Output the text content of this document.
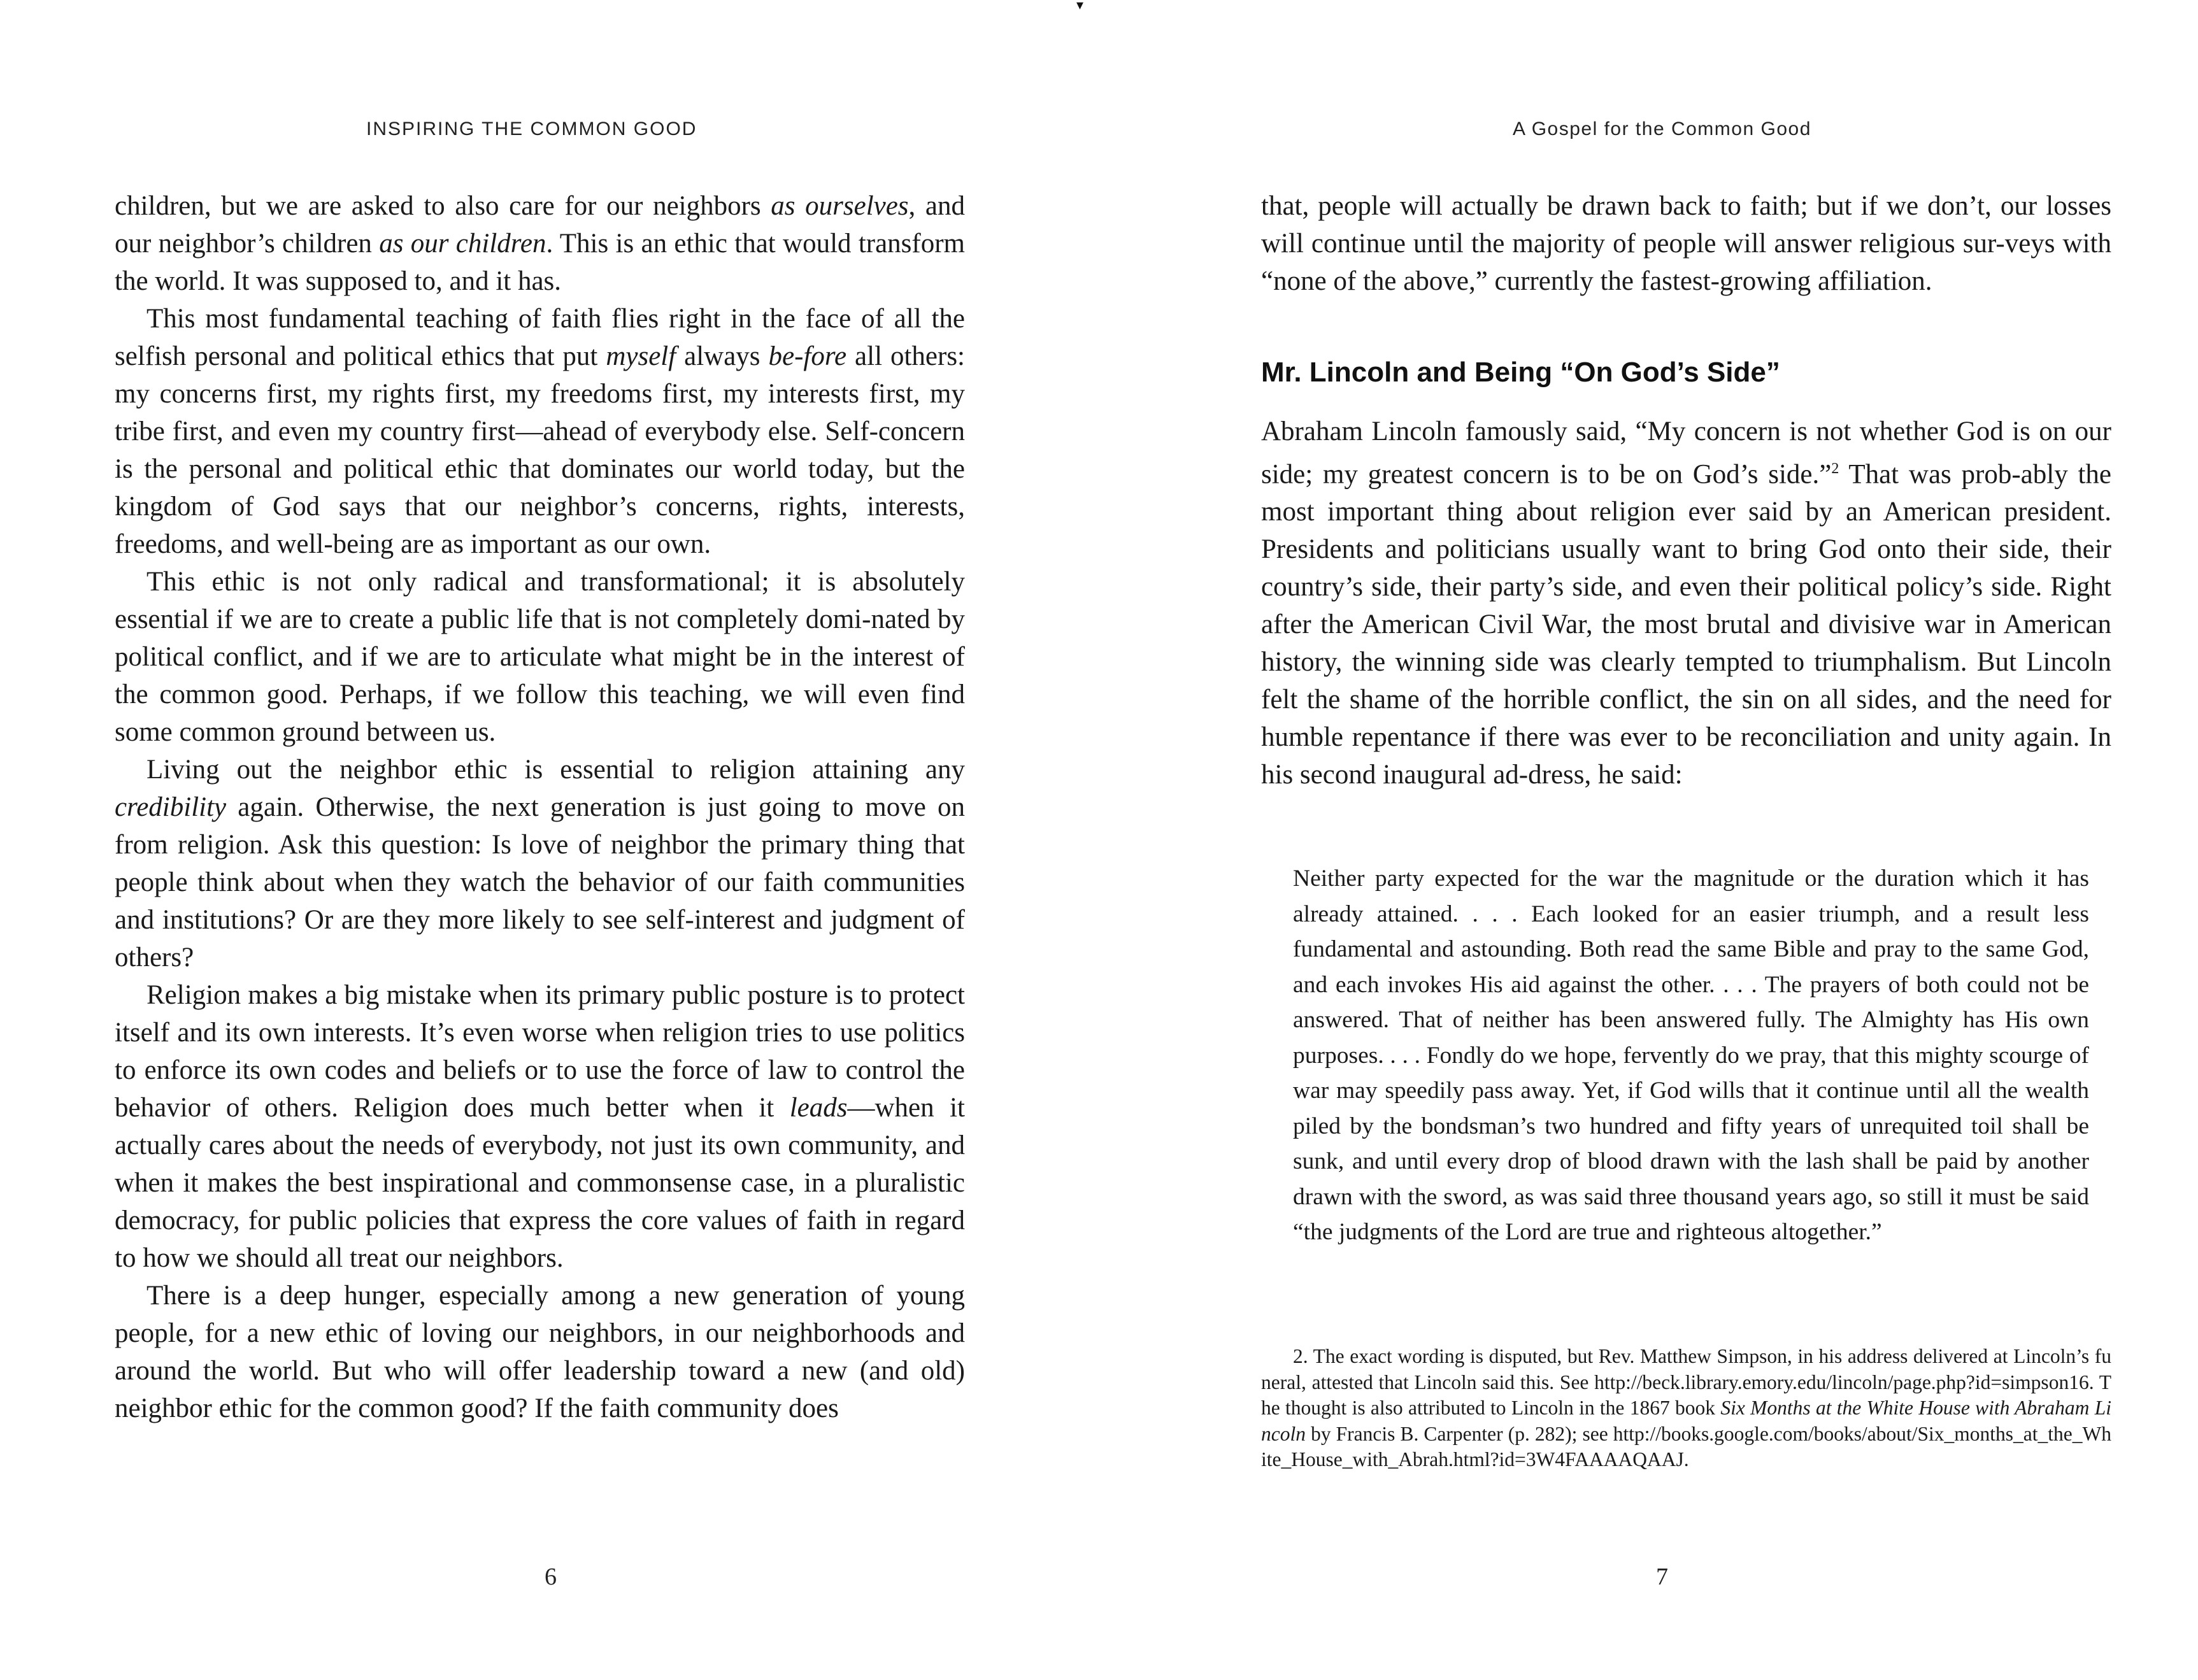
▾
INSPIRING THE COMMON GOOD

children, but we are asked to also care for our neighbors as ourselves, and our neighbor’s children as our children. This is an ethic that would transform the world. It was supposed to, and it has.

This most fundamental teaching of faith flies right in the face of all the selfish personal and political ethics that put myself always be-fore all others: my concerns first, my rights first, my freedoms first, my interests first, my tribe first, and even my country first—ahead of everybody else. Self-concern is the personal and political ethic that dominates our world today, but the kingdom of God says that our neighbor’s concerns, rights, interests, freedoms, and well-being are as important as our own.

This ethic is not only radical and transformational; it is absolutely essential if we are to create a public life that is not completely domi-nated by political conflict, and if we are to articulate what might be in the interest of the common good. Perhaps, if we follow this teaching, we will even find some common ground between us.

Living out the neighbor ethic is essential to religion attaining any credibility again. Otherwise, the next generation is just going to move on from religion. Ask this question: Is love of neighbor the primary thing that people think about when they watch the behavior of our faith communities and institutions? Or are they more likely to see self-interest and judgment of others?

Religion makes a big mistake when its primary public posture is to protect itself and its own interests. It’s even worse when religion tries to use politics to enforce its own codes and beliefs or to use the force of law to control the behavior of others. Religion does much better when it leads—when it actually cares about the needs of everybody, not just its own community, and when it makes the best inspirational and commonsense case, in a pluralistic democracy, for public policies that express the core values of faith in regard to how we should all treat our neighbors.

There is a deep hunger, especially among a new generation of young people, for a new ethic of loving our neighbors, in our neighborhoods and around the world. But who will offer leadership toward a new (and old) neighbor ethic for the common good? If the faith community does

6
A Gospel for the Common Good

that, people will actually be drawn back to faith; but if we don’t, our losses will continue until the majority of people will answer religious sur-veys with “none of the above,” currently the fastest-growing affiliation.

Mr. Lincoln and Being “On God’s Side”

Abraham Lincoln famously said, “My concern is not whether God is on our side; my greatest concern is to be on God’s side.”$^2$ That was prob-ably the most important thing about religion ever said by an American president. Presidents and politicians usually want to bring God onto their side, their country’s side, their party’s side, and even their political policy’s side. Right after the American Civil War, the most brutal and divisive war in American history, the winning side was clearly tempted to triumphalism. But Lincoln felt the shame of the horrible conflict, the sin on all sides, and the need for humble repentance if there was ever to be reconciliation and unity again. In his second inaugural ad-dress, he said:

Neither party expected for the war the magnitude or the duration which it has already attained. . . . Each looked for an easier triumph, and a result less fundamental and astounding. Both read the same Bible and pray to the same God, and each invokes His aid against the other. . . . The prayers of both could not be answered. That of neither has been answered fully. The Almighty has His own purposes. . . . Fondly do we hope, fervently do we pray, that this mighty scourge of war may speedily pass away. Yet, if God wills that it continue until all the wealth piled by the bondsman’s two hundred and fifty years of unrequited toil shall be sunk, and until every drop of blood drawn with the lash shall be paid by another drawn with the sword, as was said three thousand years ago, so still it must be said “the judgments of the Lord are true and righteous altogether.”

2. The exact wording is disputed, but Rev. Matthew Simpson, in his address delivered at Lincoln’s funeral, attested that Lincoln said this. See http://beck.library.emory.edu/lincoln/page.php?id=simpson16. The thought is also attributed to Lincoln in the 1867 book Six Months at the White House with Abraham Lincoln by Francis B. Carpenter (p. 282); see http://books.google.com/books/about/Six_months_at_the_White_House_with_Abrah.html?id=3W4FAAAAQAAJ.

7
